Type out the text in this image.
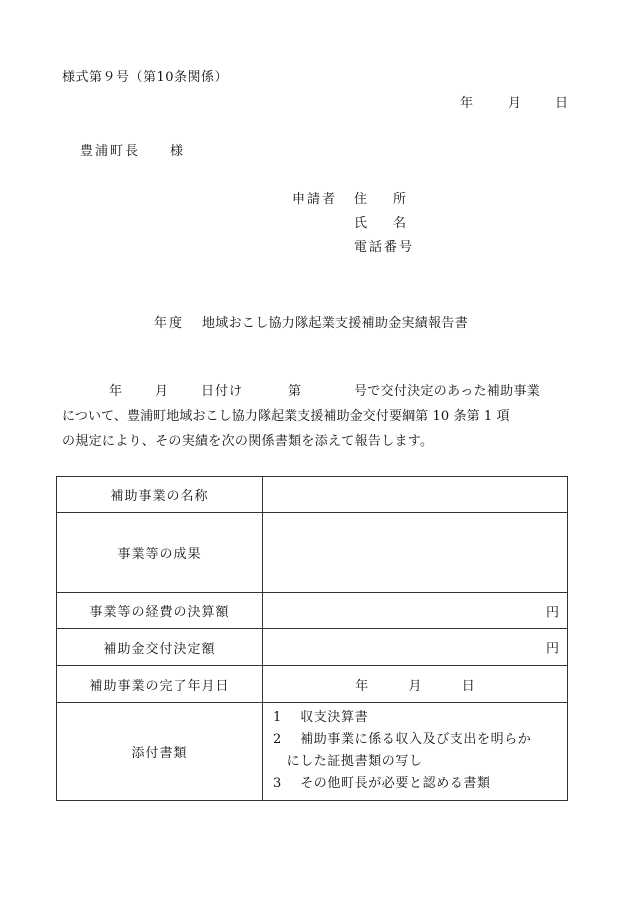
様式第９号（第10条関係）
年	月	日
豊浦町長 様
申請者 住　　所
氏　　名
電話番号
年度 地域おこし協力隊起業支援補助金実績報告書
年	月	日付け	第	号で交付決定のあった補助事業
について、豊浦町地域おこし協力隊起業支援補助金交付要綱第 10 条第 1 項
の規定により、その実績を次の関係書類を添えて報告します。
補助事業の名称	
事業等の成果	
事業等の経費の決算額	円

補助金交付決定額	円

補助事業の完了年月日	年 月 日
添付書類	1　 収支決算書
2　 補助事業に係る収入及び支出を明らか
　にした証拠書類の写し
3　 その他町長が必要と認める書類
